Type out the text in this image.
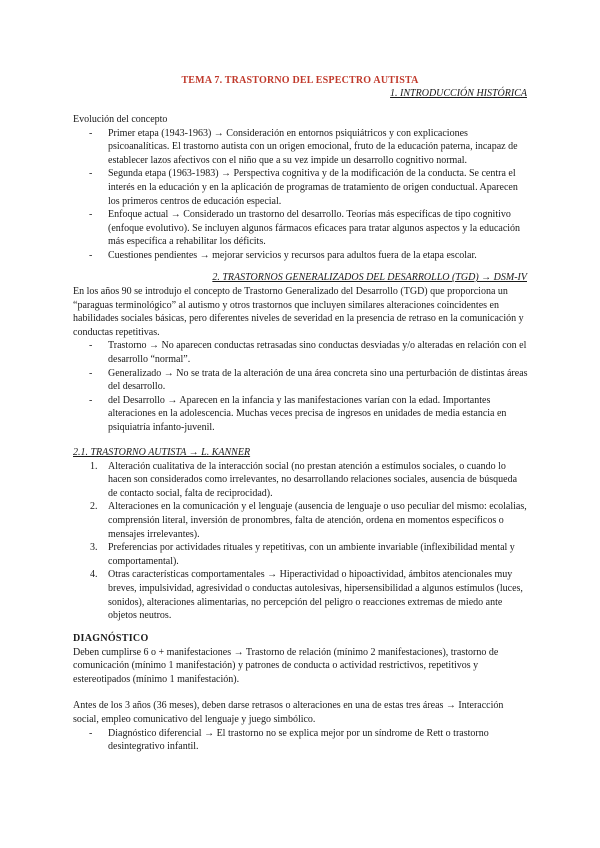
TEMA 7. TRASTORNO DEL ESPECTRO AUTISTA
1. INTRODUCCIÓN HISTÓRICA

Evolución del concepto

- Primer etapa (1943-1963) → Consideración en entornos psiquiátricos y con explicaciones psicoanalíticas. El trastorno autista con un origen emocional, fruto de la educación paterna, incapaz de establecer lazos afectivos con el niño que a su vez impide un desarrollo cognitivo normal.
- Segunda etapa (1963-1983) → Perspectiva cognitiva y de la modificación de la conducta. Se centra el interés en la educación y en la aplicación de programas de tratamiento de origen conductual. Aparecen los primeros centros de educación especial.
- Enfoque actual → Considerado un trastorno del desarrollo. Teorías más específicas de tipo cognitivo (enfoque evolutivo). Se incluyen algunos fármacos eficaces para tratar algunos aspectos y la educación más específica a rehabilitar los déficits.
- Cuestiones pendientes → mejorar servicios y recursos para adultos fuera de la etapa escolar.
2. TRASTORNOS GENERALIZADOS DEL DESARROLLO (TGD) → DSM-IV

En los años 90 se introdujo el concepto de Trastorno Generalizado del Desarrollo (TGD) que proporciona un “paraguas terminológico” al autismo y otros trastornos que incluyen similares alteraciones coincidentes en habilidades sociales básicas, pero diferentes niveles de severidad en la presencia de retraso en la comunicación y conductas repetitivas.

- Trastorno → No aparecen conductas retrasadas sino conductas desviadas y/o alteradas en relación con el desarrollo “normal”.
- Generalizado → No se trata de la alteración de una área concreta sino una perturbación de distintas áreas del desarrollo.
- del Desarrollo → Aparecen en la infancia y las manifestaciones varían con la edad. Importantes alteraciones en la adolescencia. Muchas veces precisa de ingresos en unidades de media estancia en psiquiatría infanto-juvenil.
2.1. TRASTORNO AUTISTA → L. KANNER
1. Alteración cualitativa de la interacción social (no prestan atención a estímulos sociales, o cuando lo hacen son considerados como irrelevantes, no desarrollando relaciones sociales, ausencia de búsqueda de contacto social, falta de reciprocidad).
2. Alteraciones en la comunicación y el lenguaje (ausencia de lenguaje o uso peculiar del mismo: ecolalias, comprensión literal, inversión de pronombres, falta de atención, ordena en momentos específicos o mensajes irrelevantes).
3. Preferencias por actividades rituales y repetitivas, con un ambiente invariable (inflexibilidad mental y comportamental).
4. Otras características comportamentales → Hiperactividad o hipoactividad, ámbitos atencionales muy breves, impulsividad, agresividad o conductas autolesivas, hipersensibilidad a algunos estímulos (luces, sonidos), alteraciones alimentarias, no percepción del peligro o reacciones extremas de miedo ante objetos neutros.
DIAGNÓSTICO

Deben cumplirse 6 o + manifestaciones → Trastorno de relación (mínimo 2 manifestaciones), trastorno de comunicación (mínimo 1 manifestación) y patrones de conducta o actividad restrictivos, repetitivos y estereotipados (mínimo 1 manifestación).

Antes de los 3 años (36 meses), deben darse retrasos o alteraciones en una de estas tres áreas → Interacción social, empleo comunicativo del lenguaje y juego simbólico.

- Diagnóstico diferencial → El trastorno no se explica mejor por un síndrome de Rett o trastorno desintegrativo infantil.
